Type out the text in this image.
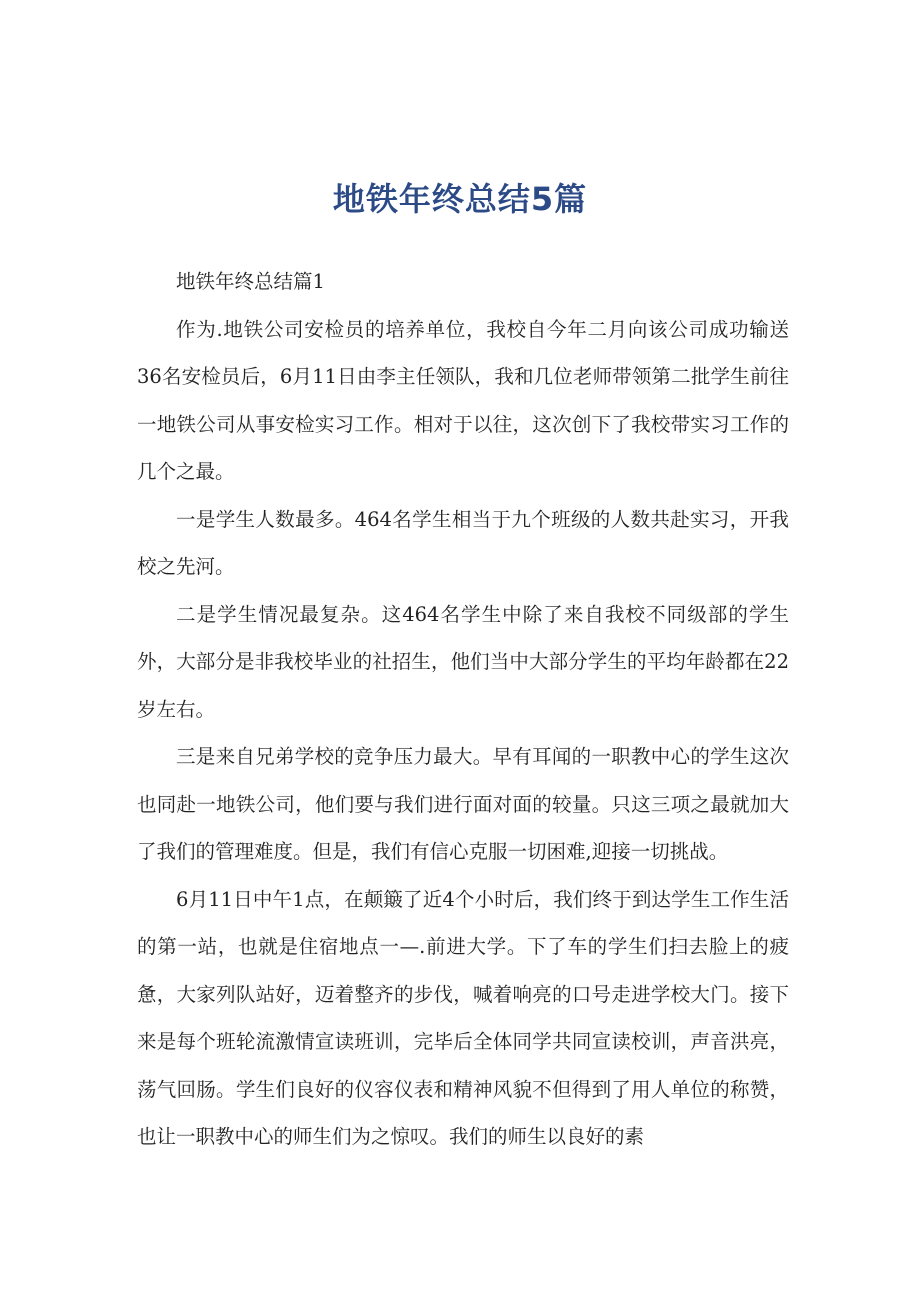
地铁年终总结5篇

地铁年终总结篇1

作为.地铁公司安检员的培养单位，我校自今年二月向该公司成功输送36名安检员后，6月11日由李主任领队，我和几位老师带领第二批学生前往一地铁公司从事安检实习工作。相对于以往，这次创下了我校带实习工作的几个之最。

一是学生人数最多。464名学生相当于九个班级的人数共赴实习，开我校之先河。

二是学生情况最复杂。这464名学生中除了来自我校不同级部的学生外，大部分是非我校毕业的社招生，他们当中大部分学生的平均年龄都在22岁左右。

三是来自兄弟学校的竞争压力最大。早有耳闻的一职教中心的学生这次也同赴一地铁公司，他们要与我们进行面对面的较量。只这三项之最就加大了我们的管理难度。但是，我们有信心克服一切困难,迎接一切挑战。

6月11日中午1点，在颠簸了近4个小时后，我们终于到达学生工作生活的第一站，也就是住宿地点一—.前进大学。下了车的学生们扫去脸上的疲惫，大家列队站好，迈着整齐的步伐，喊着响亮的口号走进学校大门。接下来是每个班轮流激情宣读班训，完毕后全体同学共同宣读校训，声音洪亮，荡气回肠。学生们良好的仪容仪表和精神风貌不但得到了用人单位的称赞，也让一职教中心的师生们为之惊叹。我们的师生以良好的素
